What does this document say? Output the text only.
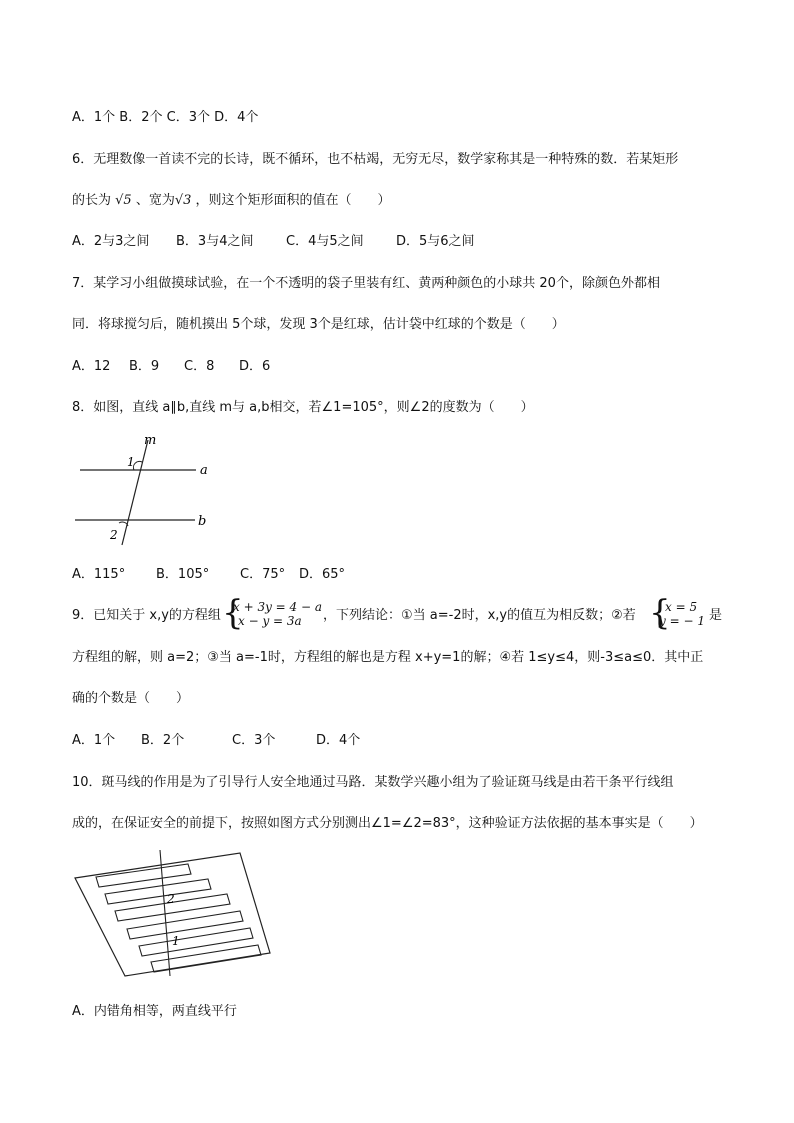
A．1个 B．2个 C．3个 D．4个
6．无理数像一首读不完的长诗，既不循环，也不枯竭，无穷无尽，数学家称其是一种特殊的数．若某矩形
的长为 √5 、宽为√3 ，则这个矩形面积的值在（　　）
A．2与3之间 B．3与4之间	C．4与5之间 D．5与6之间
7．某学习小组做摸球试验，在一个不透明的袋子里装有红、黄两种颜色的小球共 20个，除颜色外都相
同．将球搅匀后，随机摸出 5个球，发现 3个是红球，估计袋中红球的个数是（　　）
A．12 B．9 C．8 D．6
8．如图，直线 a∥b,直线 m与 a,b相交，若∠1=105°，则∠2的度数为（　　）
m
a
b
1
2
A．115° B．105° C．75° D．65°
9．已知关于 x,y的方程组 {
x + 3y = 4 − a
x − y = 3a ，下列结论：①当 a=-2时，x,y的值互为相反数；②若 {
x = 5
y = − 1 是
方程组的解，则 a=2；③当 a=-1时，方程组的解也是方程 x+y=1的解；④若 1≤y≤4，则-3≤a≤0．其中正
确的个数是（　　）
A．1个 B．2个	C．3个	D．4个
10．斑马线的作用是为了引导行人安全地通过马路．某数学兴趣小组为了验证斑马线是由若干条平行线组
成的，在保证安全的前提下，按照如图方式分别测出∠1=∠2=83°，这种验证方法依据的基本事实是（　　）
2
1
A．内错角相等，两直线平行
